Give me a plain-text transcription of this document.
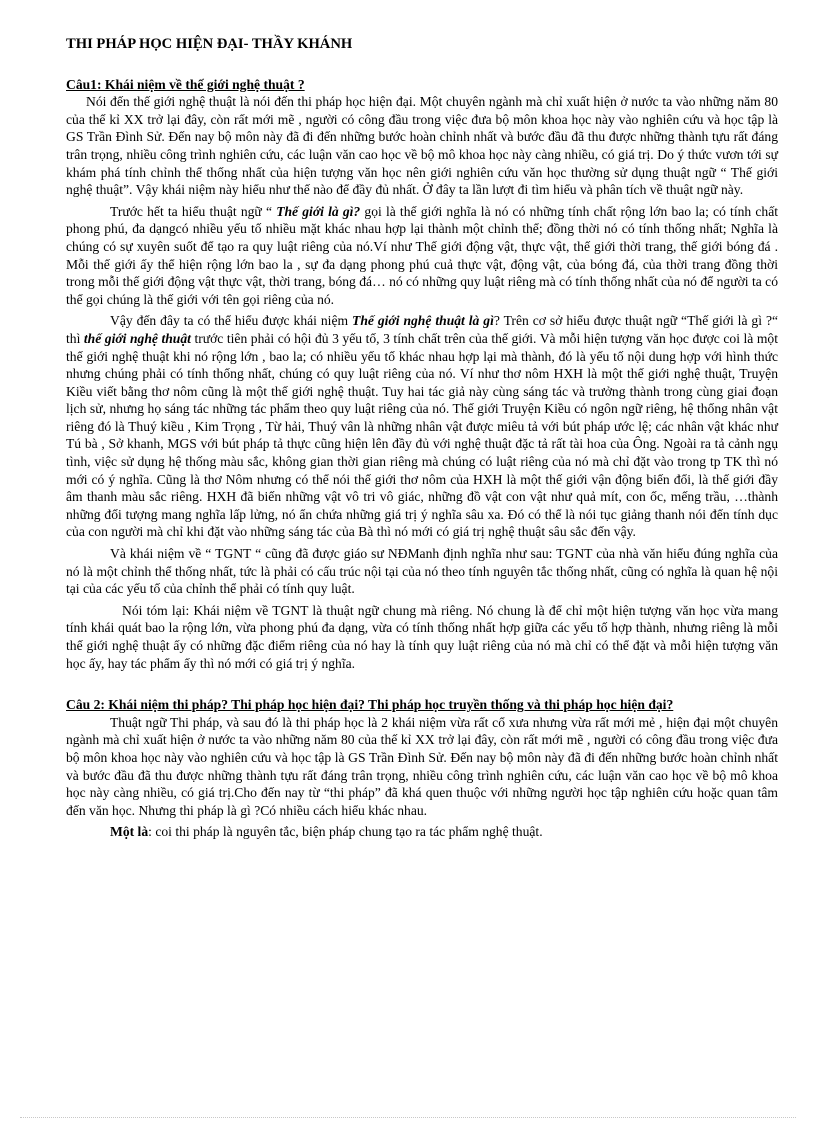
THI PHÁP HỌC HIỆN ĐẠI- THẦY KHÁNH
Câu1: Khái niệm về thế giới nghệ thuật ?

Nói đến thế giới nghệ thuật là nói đến thi pháp học hiện đại. Một chuyên ngành mà chỉ xuất hiện ở nước ta vào những năm 80 của thế kỉ XX trở lại đây, còn rất mới mẽ , người có công đầu trong việc đưa bộ môn khoa học này vào nghiên cứu và học tập là GS Trần Đình Sử. Đến nay bộ môn này đã đi đến những bước hoàn chỉnh nhất và bước đầu đã thu được những thành tựu rất đáng trân trọng, nhiều công trình nghiên cứu, các luận văn cao học về bộ mô khoa học này càng nhiều, có giá trị. Do ý thức vươn tới sự khám phá tính chỉnh thể thống nhất của hiện tượng văn học nên giới nghiên cứu văn học thường sử dụng thuật ngữ “ Thế giới nghệ thuật”. Vậy khái niệm này hiểu như thế nào để đầy đủ nhất. Ở đây ta lần lượt đi tìm hiểu và phân tích về thuật ngữ này.

Trước hết ta hiểu thuật ngữ “ Thế giới là gì? gọi là thế giới nghĩa là nó có những tính chất rộng lớn bao la; có tính chất phong phú, đa dạngcó nhiều yếu tố nhiều mặt khác nhau hợp lại thành một chỉnh thể; đồng thời nó có tính thống nhất; Nghĩa là chúng có sự xuyên suốt để tạo ra quy luật riêng của nó.Ví như Thế giới động vật, thực vật, thế giới thời trang, thế giới bóng đá . Mỗi thế giới ấy thể hiện rộng lớn bao la , sự đa dạng phong phú cuả thực vật, động vật, của bóng đá, của thời trang đồng thời trong mỗi thế giới động vật thực vật, thời trang, bóng đá… nó có những quy luật riêng mà có tính thống nhất của nó để người ta có thể gọi chúng là thế giới với tên gọi riêng của nó.

Vậy đến đây ta có thể hiểu được khái niệm Thế giới nghệ thuật là gì? Trên cơ sở hiểu được thuật ngữ “Thế giới là gì ?“ thì thế giới nghệ thuật trước tiên phải có hội đủ 3 yếu tố, 3 tính chất trên của thế giới. Và mỗi hiện tượng văn học được coi là một thế giới nghệ thuật khi nó rộng lớn , bao la; có nhiều yếu tố khác nhau hợp lại mà thành, đó là yếu tố nội dung hợp với hình thức nhưng chúng phải có tính thống nhất, chúng có quy luật riêng của nó. Ví như thơ nôm HXH là một thế giới nghệ thuật, Truyện Kiều viết bằng thơ nôm cũng là một thế giới nghệ thuật. Tuy hai tác giả này cùng sáng tác và trưởng thành trong cùng giai đoạn lịch sử, nhưng họ sáng tác những tác phẩm theo quy luật riêng của nó. Thế giới Truyện Kiều có ngôn ngữ riêng, hệ thống nhân vật riêng đó là Thuý kiều , Kim Trọng , Từ hải, Thuý vân là những nhân vật được miêu tả với bút pháp ước lệ; các nhân vật khác như Tú bà , Sở khanh, MGS với bút pháp tả thực cũng hiện lên đầy đủ với nghệ thuật đặc tả rất tài hoa của Ông. Ngoài ra tả cảnh ngụ tình, việc sử dụng hệ thống màu sắc, không gian thời gian riêng mà chúng có luật riêng của nó mà chỉ đặt vào trong tp TK thì nó mới có ý nghĩa. Cũng là thơ Nôm nhưng có thể nói thế giới thơ nôm của HXH là một thế giới vận động biến đổi, là thế giới đầy âm thanh màu sắc riêng. HXH đã biến những vật vô tri vô giác, những đồ vật con vật như quả mít, con ốc, mếng trầu, …thành những đối tượng mang nghĩa lấp lửng, nó ẩn chứa những giá trị ý nghĩa sâu xa. Đó có thể là nói tục giảng thanh nói đến tính dục của con người mà chỉ khi đặt vào những sáng tác của Bà thì nó mới có giá trị nghệ thuật sâu sắc đến vậy.

Và khái niệm về “ TGNT “ cũng đã được giáo sư NĐManh định nghĩa như sau: TGNT của nhà văn hiểu đúng nghĩa của nó là một chỉnh thể thống nhất, tức là phải có cấu trúc nội tại của nó theo tính nguyên tắc thống nhất, cũng có nghĩa là quan hệ nội tại của các yếu tố của chỉnh thể phải có tính quy luật.

Nói tóm lại: Khái niệm về TGNT là thuật ngữ chung mà riêng. Nó chung là để chỉ một hiện tượng văn học vừa mang tính khái quát bao la rộng lớn, vừa phong phú đa dạng, vừa có tính thống nhất hợp giữa các yếu tố hợp thành, nhưng riêng là mỗi thế giới nghệ thuật ấy có những đặc điểm riêng của nó hay là tính quy luật riêng của nó mà chỉ có thể đặt và mỗi hiện tượng văn học ấy, hay tác phẩm ấy thì nó mới có giá trị ý nghĩa.

Câu 2: Khái niệm thi pháp? Thi pháp học hiện đại? Thi pháp học truyền thống và thi pháp học hiện đại?

Thuật ngữ Thi pháp, và sau đó là thi pháp học là 2 khái niệm vừa rất cổ xưa nhưng vừa rất mới mẻ , hiện đại một chuyên ngành mà chỉ xuất hiện ở nước ta vào những năm 80 của thế kỉ XX trở lại đây, còn rất mới mẽ , người có công đầu trong việc đưa bộ môn khoa học này vào nghiên cứu và học tập là GS Trần Đình Sử. Đến nay bộ môn này đã đi đến những bước hoàn chỉnh nhất và bước đầu đã thu được những thành tựu rất đáng trân trọng, nhiều công trình nghiên cứu, các luận văn cao học về bộ mô khoa học này càng nhiều, có giá trị.Cho đến nay từ “thi pháp” đã khá quen thuộc với những người học tập nghiên cứu hoặc quan tâm đến văn học. Nhưng thi pháp là gì ?Có nhiều cách hiểu khác nhau.

Một là: coi thi pháp là nguyên tắc, biện pháp chung tạo ra tác phẩm nghệ thuật.
